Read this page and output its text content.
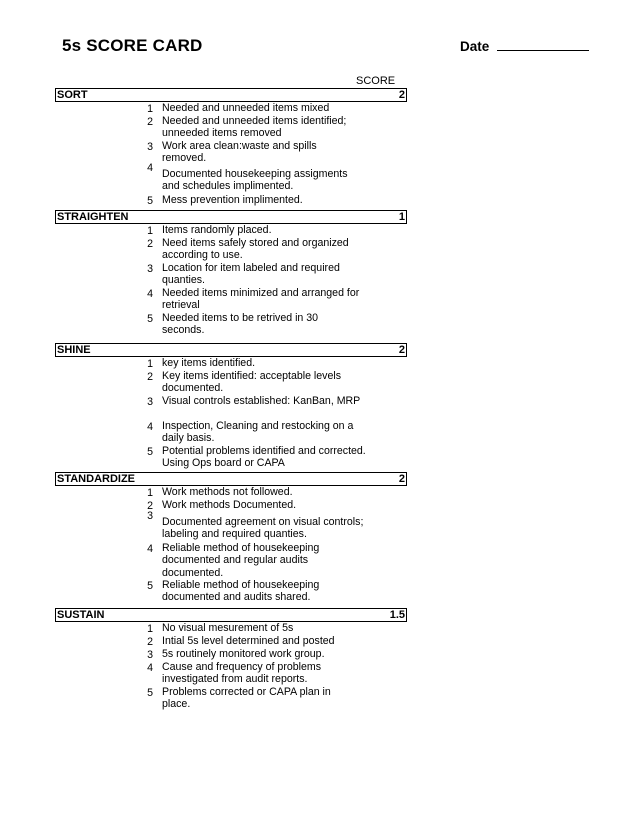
5s SCORE CARD	Date
SCORE
SORT	2
1 Needed and unneeded items mixed
2 Needed and unneeded items identified; unneeded items removed
3 Work area clean:waste and spills removed.
4 Documented housekeeping assigments and schedules implimented.
5 Mess prevention implimented.
STRAIGHTEN	1
1 Items randomly placed.
2 Need items safely stored and organized according to use.
3 Location for item labeled and required quanties.
4 Needed items minimized and arranged for retrieval
5 Needed items to be retrived in 30 seconds.
SHINE	2
1 key items identified.
2 Key items identified: acceptable levels documented.
3 Visual controls established: KanBan, MRP
4 Inspection, Cleaning and restocking on a daily basis.
5 Potential problems identified and corrected. Using Ops board or CAPA
STANDARDIZE	2
1 Work methods not followed.
2 Work methods Documented.
3 Documented agreement on visual controls; labeling and required quanties.
4 Reliable method of housekeeping documented and regular audits documented.
5 Reliable method of housekeeping documented and audits shared.
SUSTAIN	1.5
1 No visual mesurement of 5s
2 Intial 5s level determined and posted
3 5s routinely monitored work group.
4 Cause and frequency of problems investigated from audit reports.
5 Problems corrected or CAPA plan in place.
